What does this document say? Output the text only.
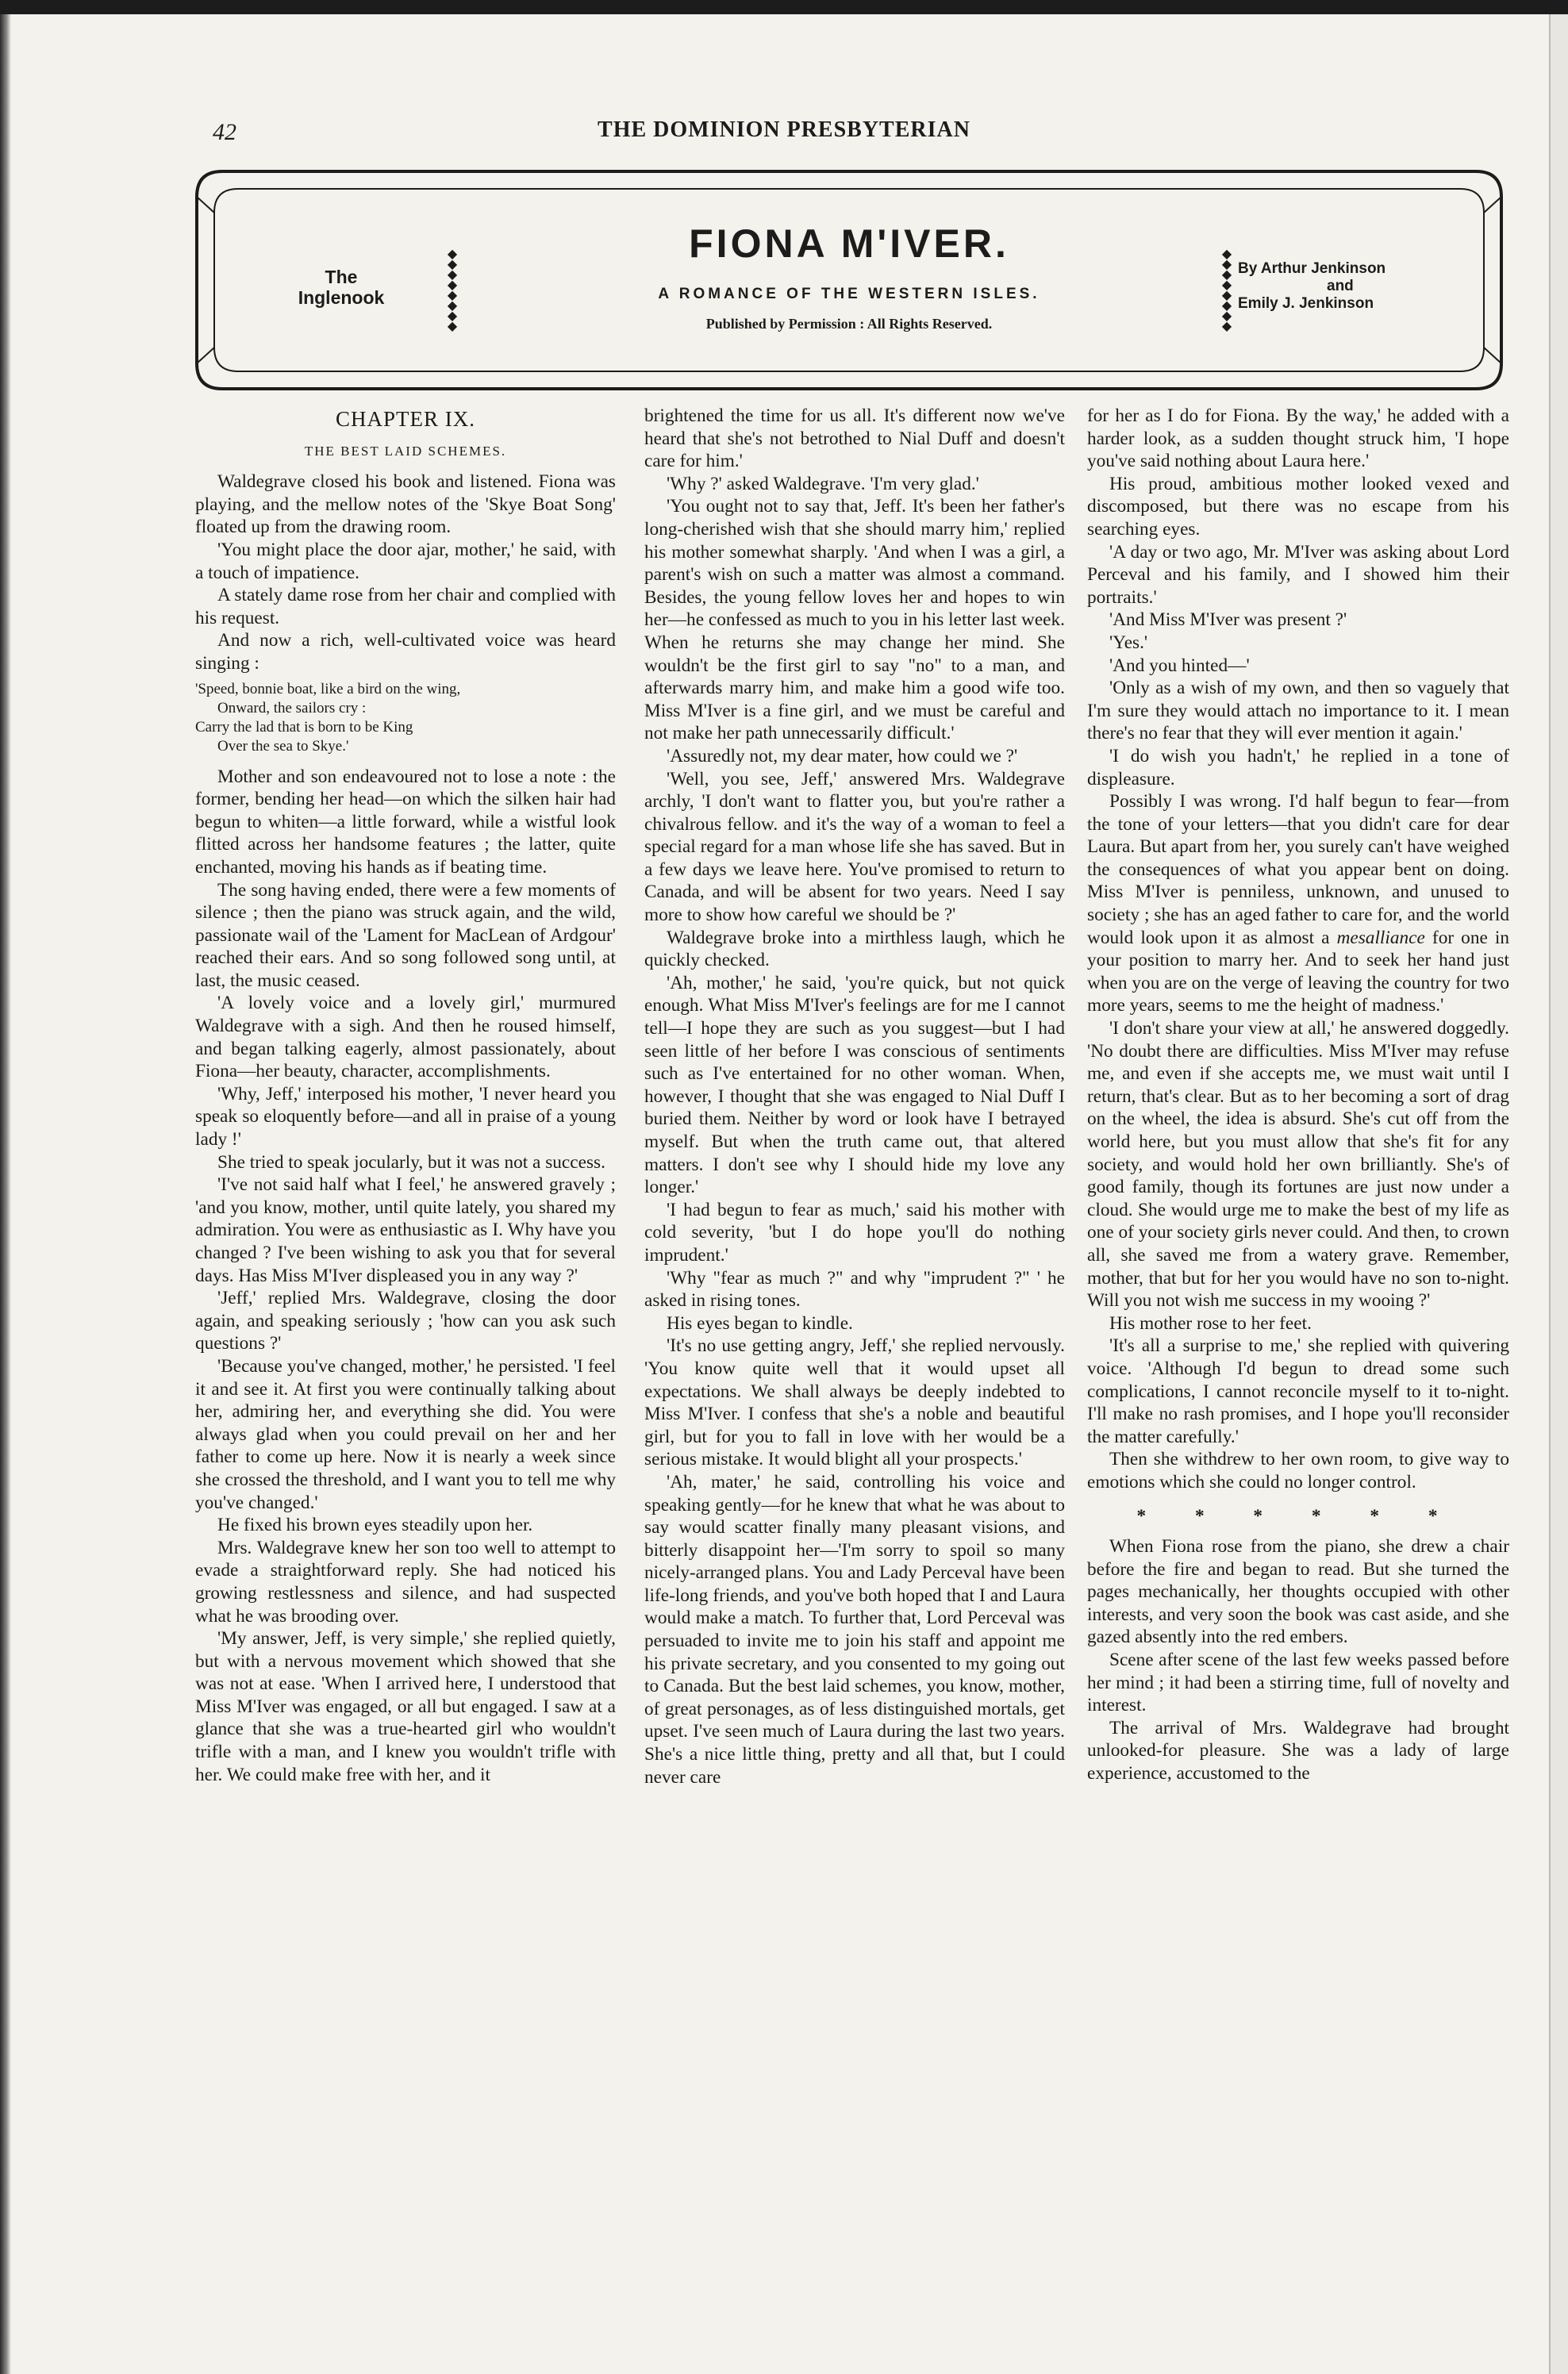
42	THE DOMINION PRESBYTERIAN
The
Inglenook
◆
◆
◆
◆
◆
◆
◆
◆
FIONA M'IVER.
A ROMANCE OF THE WESTERN ISLES.
Published by Permission : All Rights Reserved.
◆
◆
◆
◆
◆
◆
◆
◆
By Arthur Jenkinson
and
Emily J. Jenkinson

CHAPTER IX.

THE BEST LAID SCHEMES.

Waldegrave closed his book and listened. Fiona was playing, and the mellow notes of the 'Skye Boat Song' floated up from the drawing room.

'You might place the door ajar, mother,' he said, with a touch of impatience.

A stately dame rose from her chair and complied with his request.

And now a rich, well-cultivated voice was heard singing :

'Speed, bonnie boat, like a bird on the wing,
Onward, the sailors cry :
Carry the lad that is born to be King
Over the sea to Skye.'

Mother and son endeavoured not to lose a note : the former, bending her head—on which the silken hair had begun to whiten—a little forward, while a wistful look flitted across her handsome features ; the latter, quite enchanted, moving his hands as if beating time.

The song having ended, there were a few moments of silence ; then the piano was struck again, and the wild, passionate wail of the 'Lament for MacLean of Ardgour' reached their ears. And so song followed song until, at last, the music ceased.

'A lovely voice and a lovely girl,' murmured Waldegrave with a sigh. And then he roused himself, and began talking eagerly, almost passionately, about Fiona—her beauty, character, accomplishments.

'Why, Jeff,' interposed his mother, 'I never heard you speak so eloquently before—and all in praise of a young lady !'

She tried to speak jocularly, but it was not a success.

'I've not said half what I feel,' he answered gravely ; 'and you know, mother, until quite lately, you shared my admiration. You were as enthusiastic as I. Why have you changed ? I've been wishing to ask you that for several days. Has Miss M'Iver displeased you in any way ?'

'Jeff,' replied Mrs. Waldegrave, closing the door again, and speaking seriously ; 'how can you ask such questions ?'

'Because you've changed, mother,' he persisted. 'I feel it and see it. At first you were continually talking about her, admiring her, and everything she did. You were always glad when you could prevail on her and her father to come up here. Now it is nearly a week since she crossed the threshold, and I want you to tell me why you've changed.'

He fixed his brown eyes steadily upon her.

Mrs. Waldegrave knew her son too well to attempt to evade a straightforward reply. She had noticed his growing restlessness and silence, and had suspected what he was brooding over.

'My answer, Jeff, is very simple,' she replied quietly, but with a nervous movement which showed that she was not at ease. 'When I arrived here, I understood that Miss M'Iver was engaged, or all but engaged. I saw at a glance that she was a true-hearted girl who wouldn't trifle with a man, and I knew you wouldn't trifle with her. We could make free with her, and it

brightened the time for us all. It's different now we've heard that she's not betrothed to Nial Duff and doesn't care for him.'

'Why ?' asked Waldegrave. 'I'm very glad.'

'You ought not to say that, Jeff. It's been her father's long-cherished wish that she should marry him,' replied his mother somewhat sharply. 'And when I was a girl, a parent's wish on such a matter was almost a command. Besides, the young fellow loves her and hopes to win her—he confessed as much to you in his letter last week. When he returns she may change her mind. She wouldn't be the first girl to say "no" to a man, and afterwards marry him, and make him a good wife too. Miss M'Iver is a fine girl, and we must be careful and not make her path unnecessarily difficult.'

'Assuredly not, my dear mater, how could we ?'

'Well, you see, Jeff,' answered Mrs. Waldegrave archly, 'I don't want to flatter you, but you're rather a chivalrous fellow. and it's the way of a woman to feel a special regard for a man whose life she has saved. But in a few days we leave here. You've promised to return to Canada, and will be absent for two years. Need I say more to show how careful we should be ?'

Waldegrave broke into a mirthless laugh, which he quickly checked.

'Ah, mother,' he said, 'you're quick, but not quick enough. What Miss M'Iver's feelings are for me I cannot tell—I hope they are such as you suggest—but I had seen little of her before I was conscious of sentiments such as I've entertained for no other woman. When, however, I thought that she was engaged to Nial Duff I buried them. Neither by word or look have I betrayed myself. But when the truth came out, that altered matters. I don't see why I should hide my love any longer.'

'I had begun to fear as much,' said his mother with cold severity, 'but I do hope you'll do nothing imprudent.'

'Why "fear as much ?" and why "imprudent ?" ' he asked in rising tones.

His eyes began to kindle.

'It's no use getting angry, Jeff,' she replied nervously. 'You know quite well that it would upset all expectations. We shall always be deeply indebted to Miss M'Iver. I confess that she's a noble and beautiful girl, but for you to fall in love with her would be a serious mistake. It would blight all your prospects.'

'Ah, mater,' he said, controlling his voice and speaking gently—for he knew that what he was about to say would scatter finally many pleasant visions, and bitterly disappoint her—'I'm sorry to spoil so many nicely-arranged plans. You and Lady Perceval have been life-long friends, and you've both hoped that I and Laura would make a match. To further that, Lord Perceval was persuaded to invite me to join his staff and appoint me his private secretary, and you consented to my going out to Canada. But the best laid schemes, you know, mother, of great personages, as of less distinguished mortals, get upset. I've seen much of Laura during the last two years. She's a nice little thing, pretty and all that, but I could never care

for her as I do for Fiona. By the way,' he added with a harder look, as a sudden thought struck him, 'I hope you've said nothing about Laura here.'

His proud, ambitious mother looked vexed and discomposed, but there was no escape from his searching eyes.

'A day or two ago, Mr. M'Iver was asking about Lord Perceval and his family, and I showed him their portraits.'

'And Miss M'Iver was present ?'

'Yes.'

'And you hinted—'

'Only as a wish of my own, and then so vaguely that I'm sure they would attach no importance to it. I mean there's no fear that they will ever mention it again.'

'I do wish you hadn't,' he replied in a tone of displeasure.

Possibly I was wrong. I'd half begun to fear—from the tone of your letters—that you didn't care for dear Laura. But apart from her, you surely can't have weighed the consequences of what you appear bent on doing. Miss M'Iver is penniless, unknown, and unused to society ; she has an aged father to care for, and the world would look upon it as almost a mesalliance for one in your position to marry her. And to seek her hand just when you are on the verge of leaving the country for two more years, seems to me the height of madness.'

'I don't share your view at all,' he answered doggedly. 'No doubt there are difficulties. Miss M'Iver may refuse me, and even if she accepts me, we must wait until I return, that's clear. But as to her becoming a sort of drag on the wheel, the idea is absurd. She's cut off from the world here, but you must allow that she's fit for any society, and would hold her own brilliantly. She's of good family, though its fortunes are just now under a cloud. She would urge me to make the best of my life as one of your society girls never could. And then, to crown all, she saved me from a watery grave. Remember, mother, that but for her you would have no son to-night. Will you not wish me success in my wooing ?'

His mother rose to her feet.

'It's all a surprise to me,' she replied with quivering voice. 'Although I'd begun to dread some such complications, I cannot reconcile myself to it to-night. I'll make no rash promises, and I hope you'll reconsider the matter carefully.'

Then she withdrew to her own room, to give way to emotions which she could no longer control.

* * * * * *

When Fiona rose from the piano, she drew a chair before the fire and began to read. But she turned the pages mechanically, her thoughts occupied with other interests, and very soon the book was cast aside, and she gazed absently into the red embers.

Scene after scene of the last few weeks passed before her mind ; it had been a stirring time, full of novelty and interest.

The arrival of Mrs. Waldegrave had brought unlooked-for pleasure. She was a lady of large experience, accustomed to the
